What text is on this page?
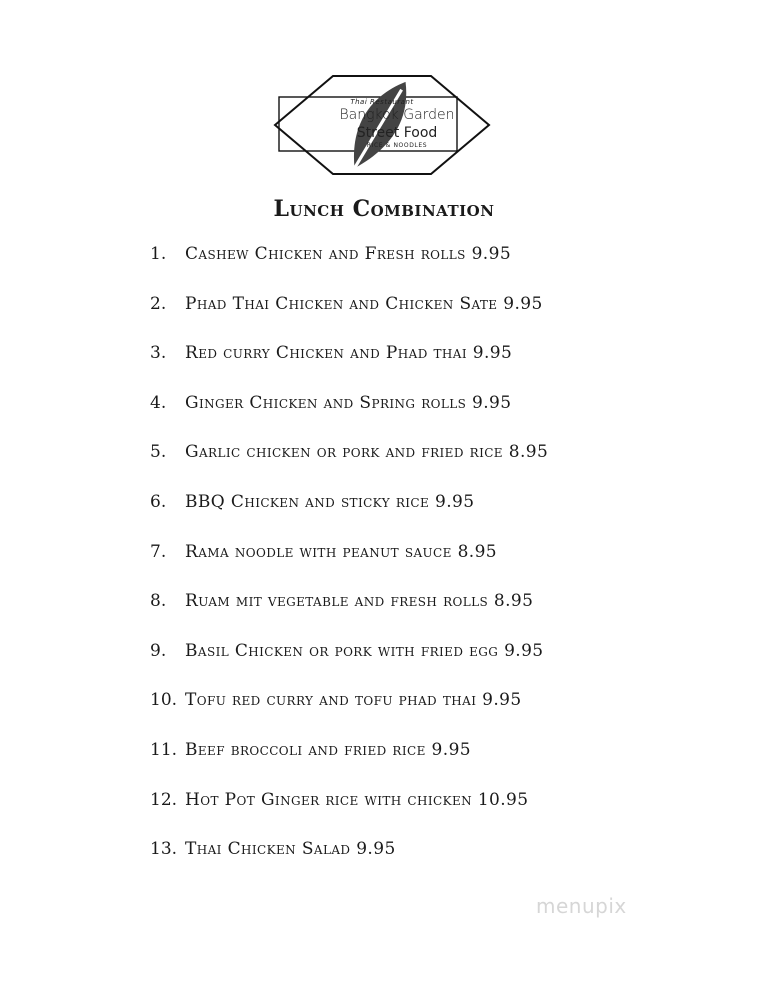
Thai Restaurant
Bangkok Garden
Street Food
RICE & NOODLES
Lunch Combination
1. Cashew Chicken and Fresh rolls 9.95
2. Phad Thai Chicken and Chicken Sate 9.95
3. Red curry Chicken and Phad thai 9.95
4. Ginger Chicken and Spring rolls 9.95
5. Garlic chicken or pork and fried rice 8.95
6. BBQ Chicken and sticky rice 9.95
7. Rama noodle with peanut sauce 8.95
8. Ruam mit vegetable and fresh rolls 8.95
9. Basil Chicken or pork with fried egg 9.95
10. Tofu red curry and tofu phad thai 9.95
11. Beef broccoli and fried rice 9.95
12. Hot Pot Ginger rice with chicken 10.95
13. Thai Chicken Salad 9.95
menupix
